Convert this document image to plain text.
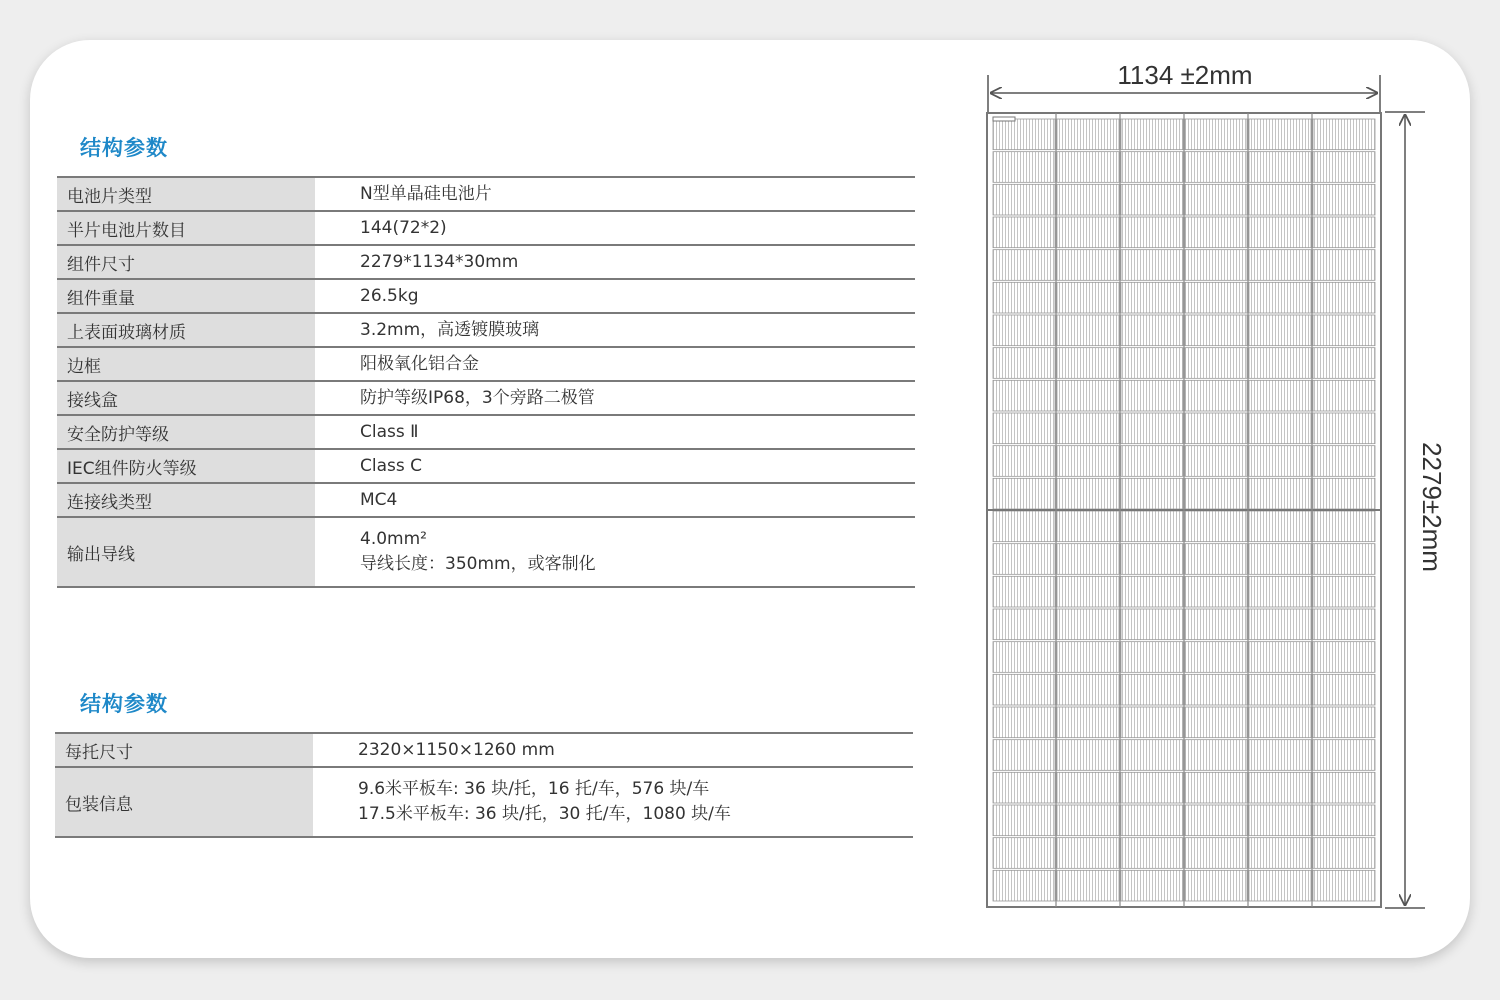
结构参数
电池片类型	N型单晶硅电池片

半片电池片数目	144(72*2)

组件尺寸	2279*1134*30mm

组件重量	26.5kg

上表面玻璃材质	3.2mm，高透镀膜玻璃

边框	阳极氧化铝合金

接线盒	防护等级IP68，3个旁路二极管

安全防护等级	Class Ⅱ

IEC组件防火等级	Class C

连接线类型	MC4

输出导线	4.0mm²
导线长度：350mm，或客制化
结构参数
每托尺寸	2320×1150×1260 mm

包装信息	9.6米平板车: 36 块/托，16 托/车，576 块/车
17.5米平板车: 36 块/托，30 托/车，1080 块/车
1134 ±2mm
2279±2mm
